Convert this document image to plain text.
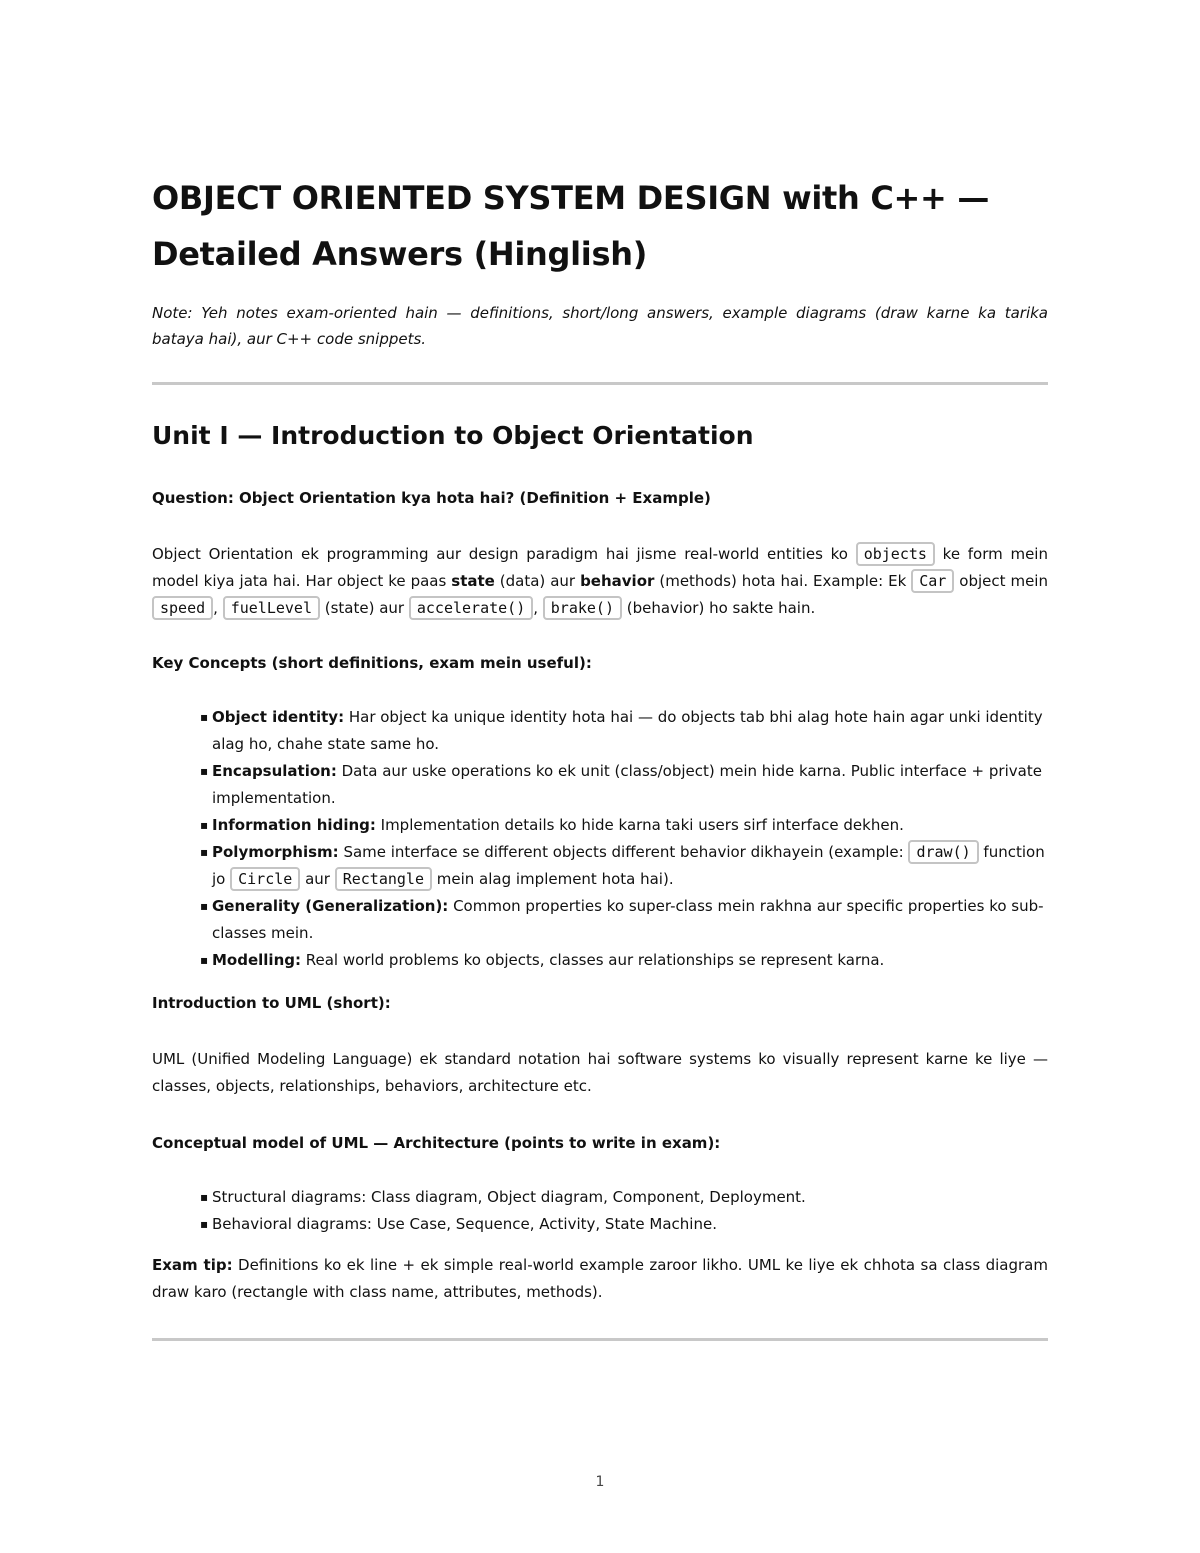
OBJECT ORIENTED SYSTEM DESIGN with C++ — Detailed Answers (Hinglish)

Note: Yeh notes exam-oriented hain — definitions, short/long answers, example diagrams (draw karne ka tarika bataya hai), aur C++ code snippets.

Unit I — Introduction to Object Orientation

Question: Object Orientation kya hota hai? (Definition + Example)

Object Orientation ek programming aur design paradigm hai jisme real-world entities ko objects ke form mein model kiya jata hai. Har object ke paas state (data) aur behavior (methods) hota hai. Example: Ek Car object mein speed , fuelLevel (state) aur accelerate() , brake() (behavior) ho sakte hain.

Key Concepts (short definitions, exam mein useful):

▪ Object identity: Har object ka unique identity hota hai — do objects tab bhi alag hote hain agar unki identity alag ho, chahe state same ho.
▪ Encapsulation: Data aur uske operations ko ek unit (class/object) mein hide karna. Public interface + private implementation.
▪ Information hiding: Implementation details ko hide karna taki users sirf interface dekhen.
▪ Polymorphism: Same interface se different objects different behavior dikhayein (example: draw() function jo Circle aur Rectangle mein alag implement hota hai).
▪ Generality (Generalization): Common properties ko super-class mein rakhna aur specific properties ko sub-classes mein.
▪ Modelling: Real world problems ko objects, classes aur relationships se represent karna.

Introduction to UML (short):

UML (Unified Modeling Language) ek standard notation hai software systems ko visually represent karne ke liye — classes, objects, relationships, behaviors, architecture etc.

Conceptual model of UML — Architecture (points to write in exam):

▪ Structural diagrams: Class diagram, Object diagram, Component, Deployment.
▪ Behavioral diagrams: Use Case, Sequence, Activity, State Machine.

Exam tip: Definitions ko ek line + ek simple real-world example zaroor likho. UML ke liye ek chhota sa class diagram draw karo (rectangle with class name, attributes, methods).

1
